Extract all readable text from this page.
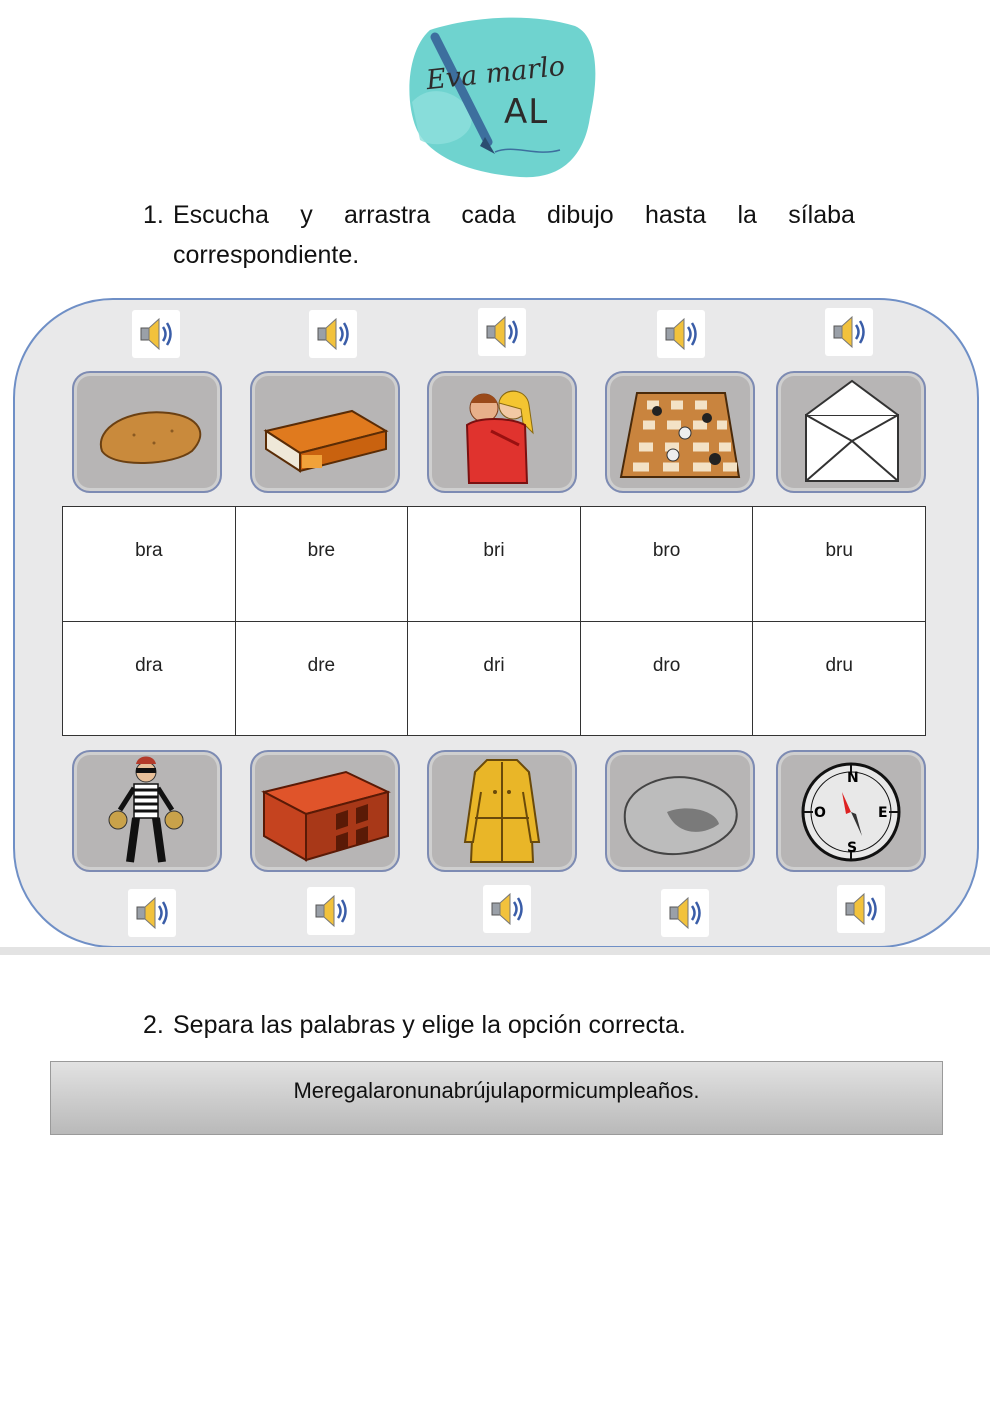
Eva marlo
AL
1. Escucha y arrastra cada dibujo hasta la sílaba
correspondiente.
bra	bre	bri	bro	bru
dra	dre	dri	dro	dru
N
S
O	E
2. Separa las palabras y elige la opción correcta.
Meregalaronunabrújulapormicumpleaños.
